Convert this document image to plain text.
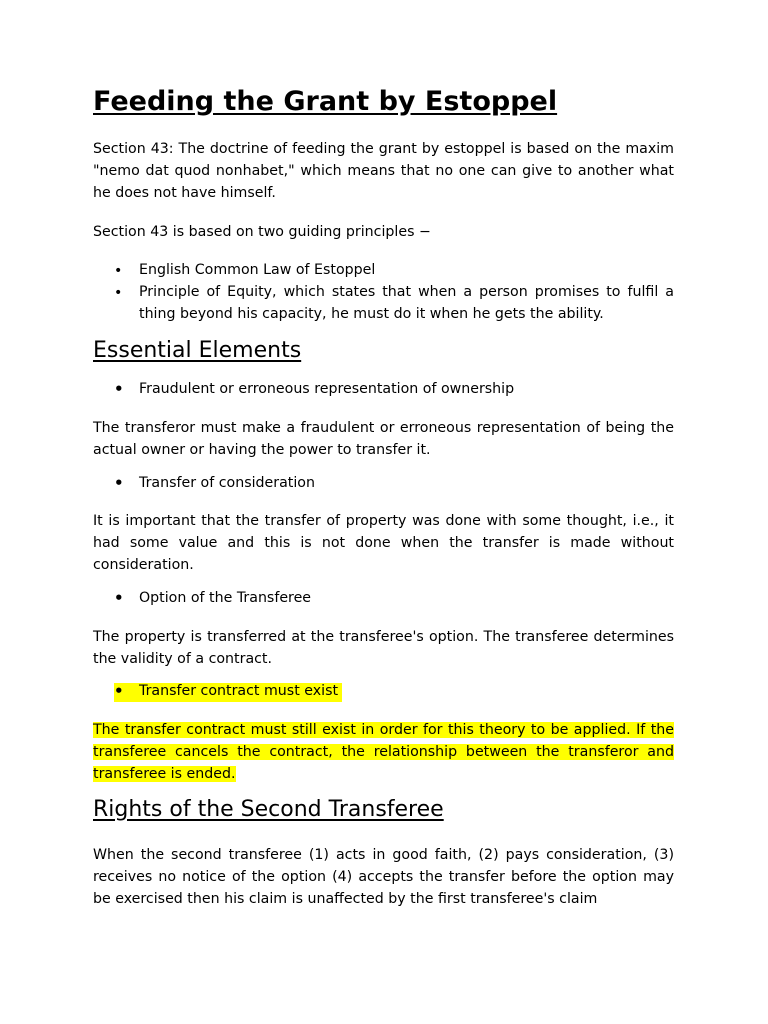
Feeding the Grant by Estoppel
Section 43: The doctrine of feeding the grant by estoppel is based on the maxim "nemo dat quod nonhabet," which means that no one can give to another what he does not have himself.
Section 43 is based on two guiding principles −
• English Common Law of Estoppel
• Principle of Equity, which states that when a person promises to fulfil a thing beyond his capacity, he must do it when he gets the ability.
Essential Elements
• Fraudulent or erroneous representation of ownership
The transferor must make a fraudulent or erroneous representation of being the actual owner or having the power to transfer it.
• Transfer of consideration
It is important that the transfer of property was done with some thought, i.e., it had some value and this is not done when the transfer is made without consideration.
• Option of the Transferee
The property is transferred at the transferee's option. The transferee determines the validity of a contract.
• Transfer contract must exist
The transfer contract must still exist in order for this theory to be applied. If the transferee cancels the contract, the relationship between the transferor and transferee is ended.
Rights of the Second Transferee
When the second transferee (1) acts in good faith, (2) pays consideration, (3) receives no notice of the option (4) accepts the transfer before the option may be exercised then his claim is unaffected by the first transferee's claim
